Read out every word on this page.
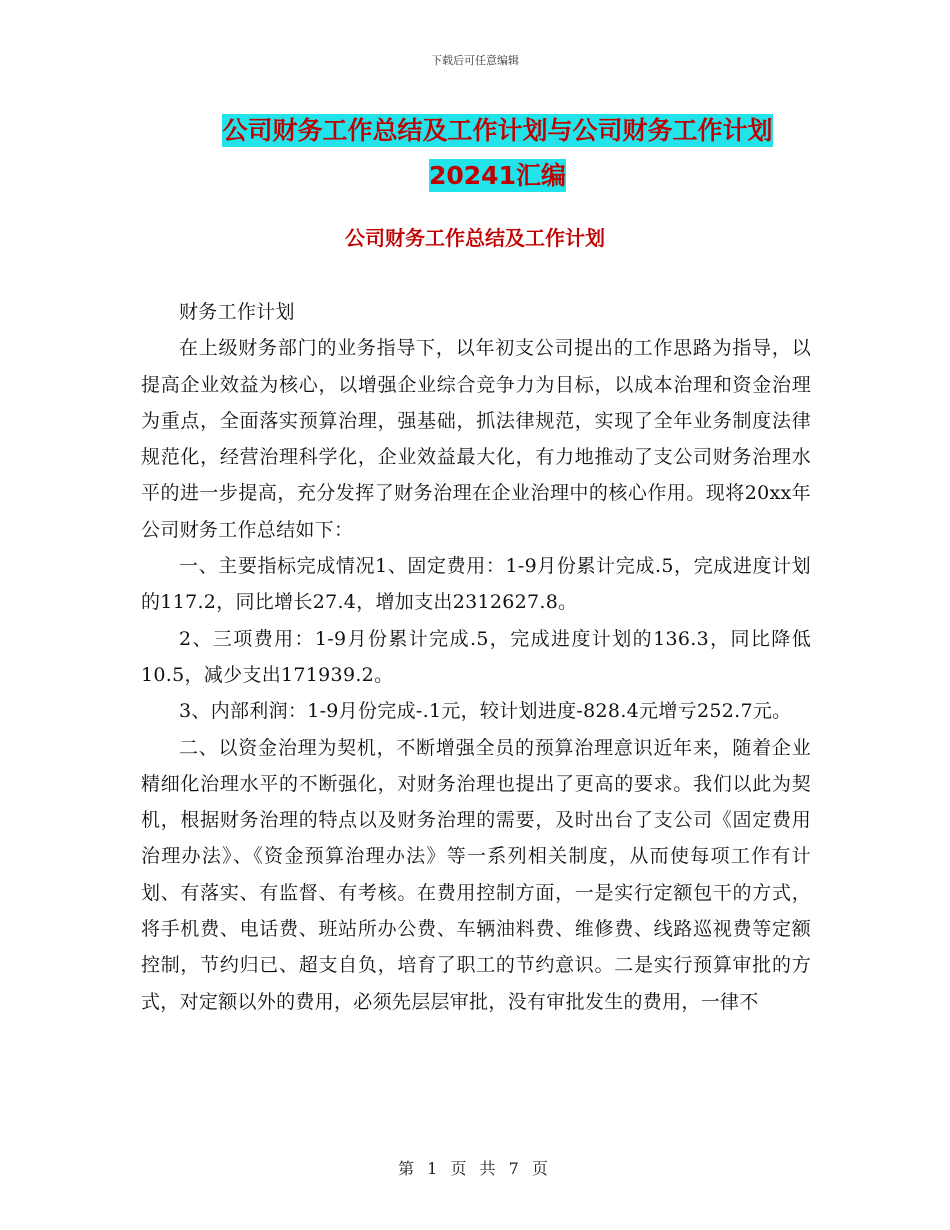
下载后可任意编辑
公司财务工作总结及工作计划与公司财务工作计划
20241汇编
公司财务工作总结及工作计划

财务工作计划

在上级财务部门的业务指导下，以年初支公司提出的工作思路为指导，以提高企业效益为核心，以增强企业综合竞争力为目标，以成本治理和资金治理为重点，全面落实预算治理，强基础，抓法律规范，实现了全年业务制度法律规范化，经营治理科学化，企业效益最大化，有力地推动了支公司财务治理水平的进一步提高，充分发挥了财务治理在企业治理中的核心作用。现将20xx年公司财务工作总结如下：

一、主要指标完成情况1、固定费用：1-9月份累计完成.5，完成进度计划的117.2，同比增长27.4，增加支出2312627.8。

2、三项费用：1-9月份累计完成.5，完成进度计划的136.3，同比降低10.5，减少支出171939.2。

3、内部利润：1-9月份完成-.1元，较计划进度-828.4元增亏252.7元。

二、以资金治理为契机，不断增强全员的预算治理意识近年来，随着企业精细化治理水平的不断强化，对财务治理也提出了更高的要求。我们以此为契机，根据财务治理的特点以及财务治理的需要，及时出台了支公司《固定费用治理办法》、《资金预算治理办法》等一系列相关制度，从而使每项工作有计划、有落实、有监督、有考核。在费用控制方面，一是实行定额包干的方式，将手机费、电话费、班站所办公费、车辆油料费、维修费、线路巡视费等定额控制，节约归已、超支自负，培育了职工的节约意识。二是实行预算审批的方式，对定额以外的费用，必须先层层审批，没有审批发生的费用，一律不

第 1 页 共 7 页
